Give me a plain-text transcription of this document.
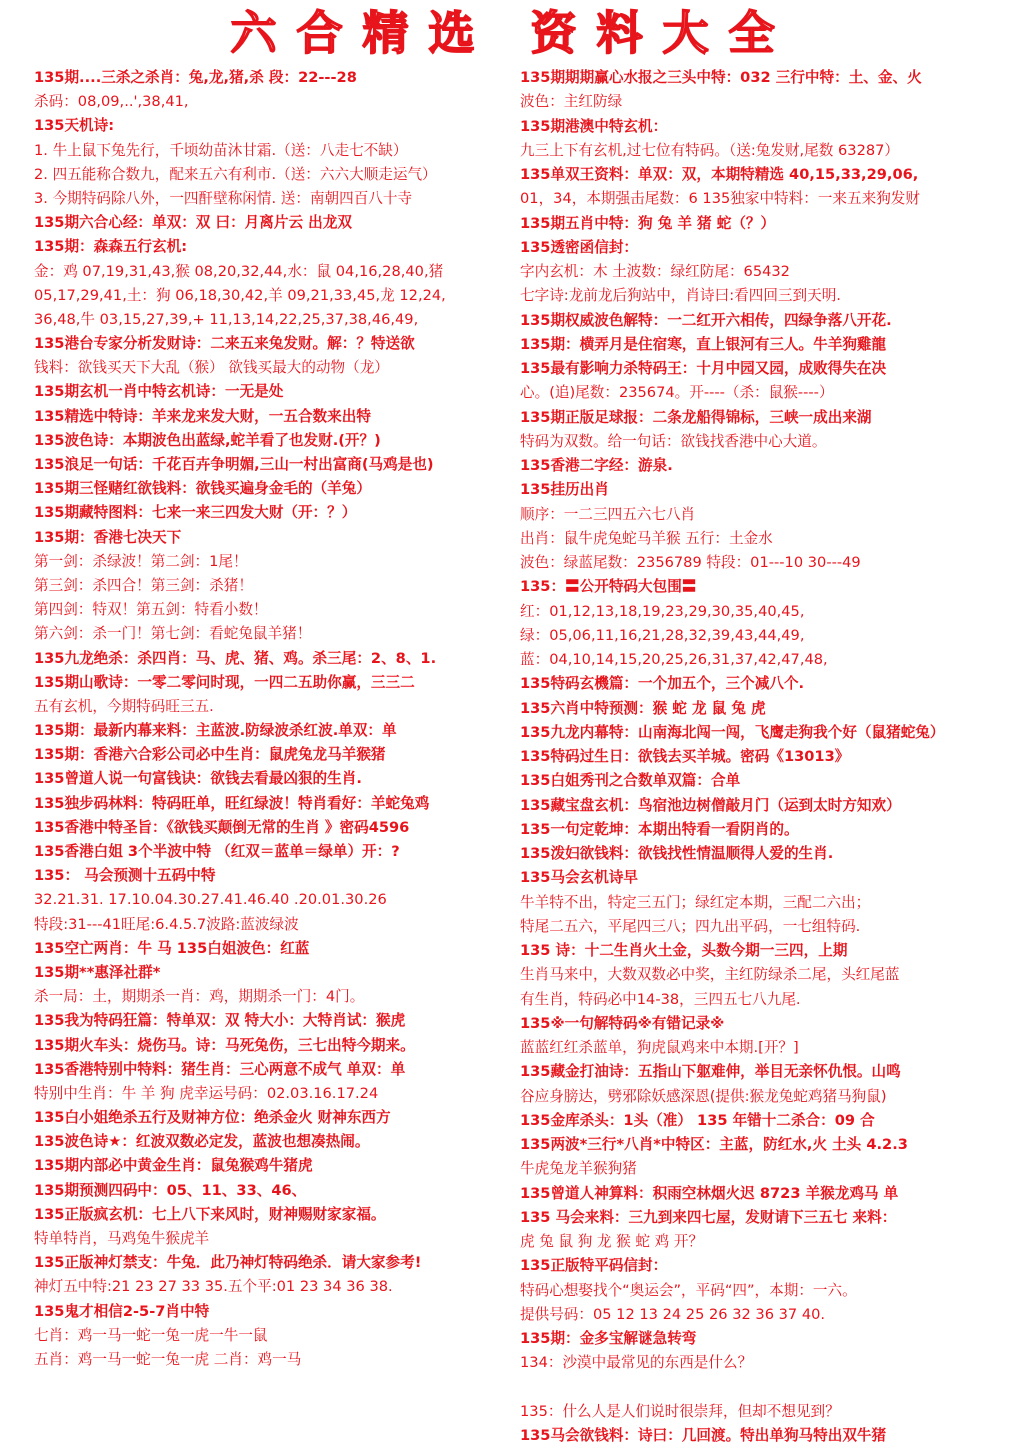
六合精选 资料大全
135期....三杀之杀肖：兔,龙,猪,杀 段：22---28
杀码：08,09,..',38,41,
135天机诗:
1. 牛上鼠下兔先行，千顷幼苗沐甘霜.（送：八走七不缺）
2. 四五能称合数九，配来五六有利市.（送：六六大顺走运气）
3. 今期特码除八外，一四酐壁称闲情. 送：南朝四百八十寺
135期六合心经：单双：双 曰：月离片云 出龙双
135期：森森五行玄机:
金：鸡 07,19,31,43,猴 08,20,32,44,水：鼠 04,16,28,40,猪
05,17,29,41,土：狗 06,18,30,42,羊 09,21,33,45,龙 12,24,
36,48,牛 03,15,27,39,+ 11,13,14,22,25,37,38,46,49,
135港台专家分析发财诗：二来五来兔发财。解：？特送欲
钱料：欲钱买天下大乱（猴） 欲钱买最大的动物（龙）
135期玄机一肖中特玄机诗：一无是处
135精选中特诗：羊来龙来发大财，一五合数来出特
135波色诗：本期波色出蓝绿,蛇羊看了也发财.(开？)
135浪足一句话：千花百卉争明媚,三山一村出富商(马鸡是也)
135期三怪赌红欲钱料：欲钱买遍身金毛的（羊兔）
135期藏特图料：七来一来三四发大财（开：？）
135期：香港七决天下
第一剑：杀绿波！第二剑：1尾！
第三剑：杀四合！第三剑：杀猪！
第四剑：特双！第五剑：特看小数！
第六剑：杀一门！第七剑：看蛇兔鼠羊猪！
135九龙绝杀：杀四肖：马、虎、猪、鸡。杀三尾：2、8、1.
135期山歌诗：一零二零问时现，一四二五助你赢，三三二
五有玄机，今期特码旺三五.
135期：最新内幕来料：主蓝波.防绿波杀红波.单双：单
135期：香港六合彩公司必中生肖：鼠虎兔龙马羊猴猪
135曾道人说一句富钱诀：欲钱去看最凶狠的生肖.
135独步码林料：特码旺单，旺红绿波！特肖看好：羊蛇兔鸡
135香港中特圣旨：《欲钱买颠倒无常的生肖 》密码4596
135香港白姐 3个半波中特 （红双＝蓝单＝绿单）开：?
135： 马会预测十五码中特
32.21.31. 17.10.04.30.27.41.46.40 .20.01.30.26
特段:31---41旺尾:6.4.5.7波路:蓝波绿波
135空亡两肖：牛 马 135白姐波色：红蓝
135期**惠泽社群*
杀一局：土，期期杀一肖：鸡，期期杀一门：4门。
135我为特码狂篇：特单双：双 特大小：大特肖试：猴虎
135期火车头：烧伤马。诗：马死兔伤，三七出特今期来。
135香港特别中特料：猪生肖：三心两意不成气 单双：单
特别中生肖：牛 羊 狗 虎幸运号码：02.03.16.17.24
135白小姐绝杀五行及财神方位：绝杀金火 财神东西方
135波色诗★：红波双数必定发，蓝波也想凑热闹。
135期内部必中黄金生肖：鼠兔猴鸡牛猪虎
135期预测四码中：05、11、33、46、
135正版疯玄机：七上八下来风时，财神赐财家家福。
特单特肖，马鸡兔牛猴虎羊
135正版神灯禁支：牛兔．此乃神灯特码绝杀．请大家参考!
神灯五中特:21 23 27 33 35.五个平:01 23 34 36 38.
135鬼才相信2-5-7肖中特
七肖：鸡一马一蛇一兔一虎一牛一鼠
五肖：鸡一马一蛇一兔一虎 二肖：鸡一马
135期期期赢心水报之三头中特：032 三行中特：土、金、火
波色：主红防绿
135期港澳中特玄机：
九三上下有玄机,过七位有特码。（送:兔发财,尾数 63287）
135单双王资料：单双：双，本期特精选 40,15,33,29,06,
01，34，本期强击尾数：6 135独家中特料：一来五来狗发财
135期五肖中特：狗 兔 羊 猪 蛇（？）
135透密函信封：
字内玄机：木 土波数：绿红防尾：65432
七字诗:龙前龙后狗站中，肖诗曰:看四回三到天明.
135期权威波色解特：一二红开六相传，四绿争落八开花.
135期：横弄月是住宿寒，直上银河有三人。牛羊狗雞龍
135最有影响力杀特码王：十月中园又园，成败得失在决
心。(追)尾数：235674。开----（杀：鼠猴----）
135期正版足球报：二条龙船得锦标，三峡一成出来湖
特码为双数。给一句话：欲钱找香港中心大道。
135香港二字经：游泉.
135挂历出肖
顺序：一二三四五六七八肖
出肖：鼠牛虎兔蛇马羊猴 五行：土金水
波色：绿蓝尾数：2356789 特段：01---10 30---49
135：〓公开特码大包围〓
红：01,12,13,18,19,23,29,30,35,40,45,
绿：05,06,11,16,21,28,32,39,43,44,49,
蓝：04,10,14,15,20,25,26,31,37,42,47,48,
135特码玄機篇：一个加五个，三个减八个.
135六肖中特预测：猴 蛇 龙 鼠 兔 虎
135九龙内幕特：山南海北闯一闯，飞鹰走狗我个好（鼠猪蛇兔）
135特码过生日：欲钱去买羊城。密码《13013》
135白姐秀刊之合数单双篇：合单
135藏宝盘玄机：鸟宿池边树僧敲月门（运到太时方知欢）
135一句定乾坤：本期出特看一看阴肖的。
135泼妇欲钱料：欲钱找性情温顺得人爱的生肖.
135马会玄机诗早
牛羊特不出，特定三五门；绿红定本期，三配二六出；
特尾二五六，平尾四三八；四九出平码，一七组特码.
135 诗：十二生肖火土金，头数今期一三四，上期
生肖马来中，大数双数必中奖，主红防绿杀二尾，头红尾蓝
有生肖，特码必中14-38，三四五七八九尾.
135※一句解特码※有错记录※
蓝蓝红红杀蓝单，狗虎鼠鸡来中本期.[开？]
135藏金打油诗：五指山下躯难伸，举目无亲怀仇恨。山鸣
谷应身膀达，劈邪除妖感深恩(提供:猴龙兔蛇鸡猪马狗鼠)
135金库杀头：1头（准） 135 年错十二杀合：09 合
135两波*三行*八肖*中特区：主蓝，防红水,火 土头 4.2.3
牛虎兔龙羊猴狗猪
135曾道人神算料：积雨空林烟火迟 8723 羊猴龙鸡马 单
135 马会来料：三九到来四七屋，发财请下三五七 来料：
虎 兔 鼠 狗 龙 猴 蛇 鸡 开？
135正版特平码信封：
特码心想娶找个“奥运会”，平码“四”，本期：一六。
提供号码：05 12 13 24 25 26 32 36 37 40.
135期：金多宝解谜急转弯
134：沙漠中最常见的东西是什么？
135：什么人是人们说时很崇拜，但却不想见到？
135马会欲钱料：诗曰：几回渡。特出单狗马特出双牛猪
